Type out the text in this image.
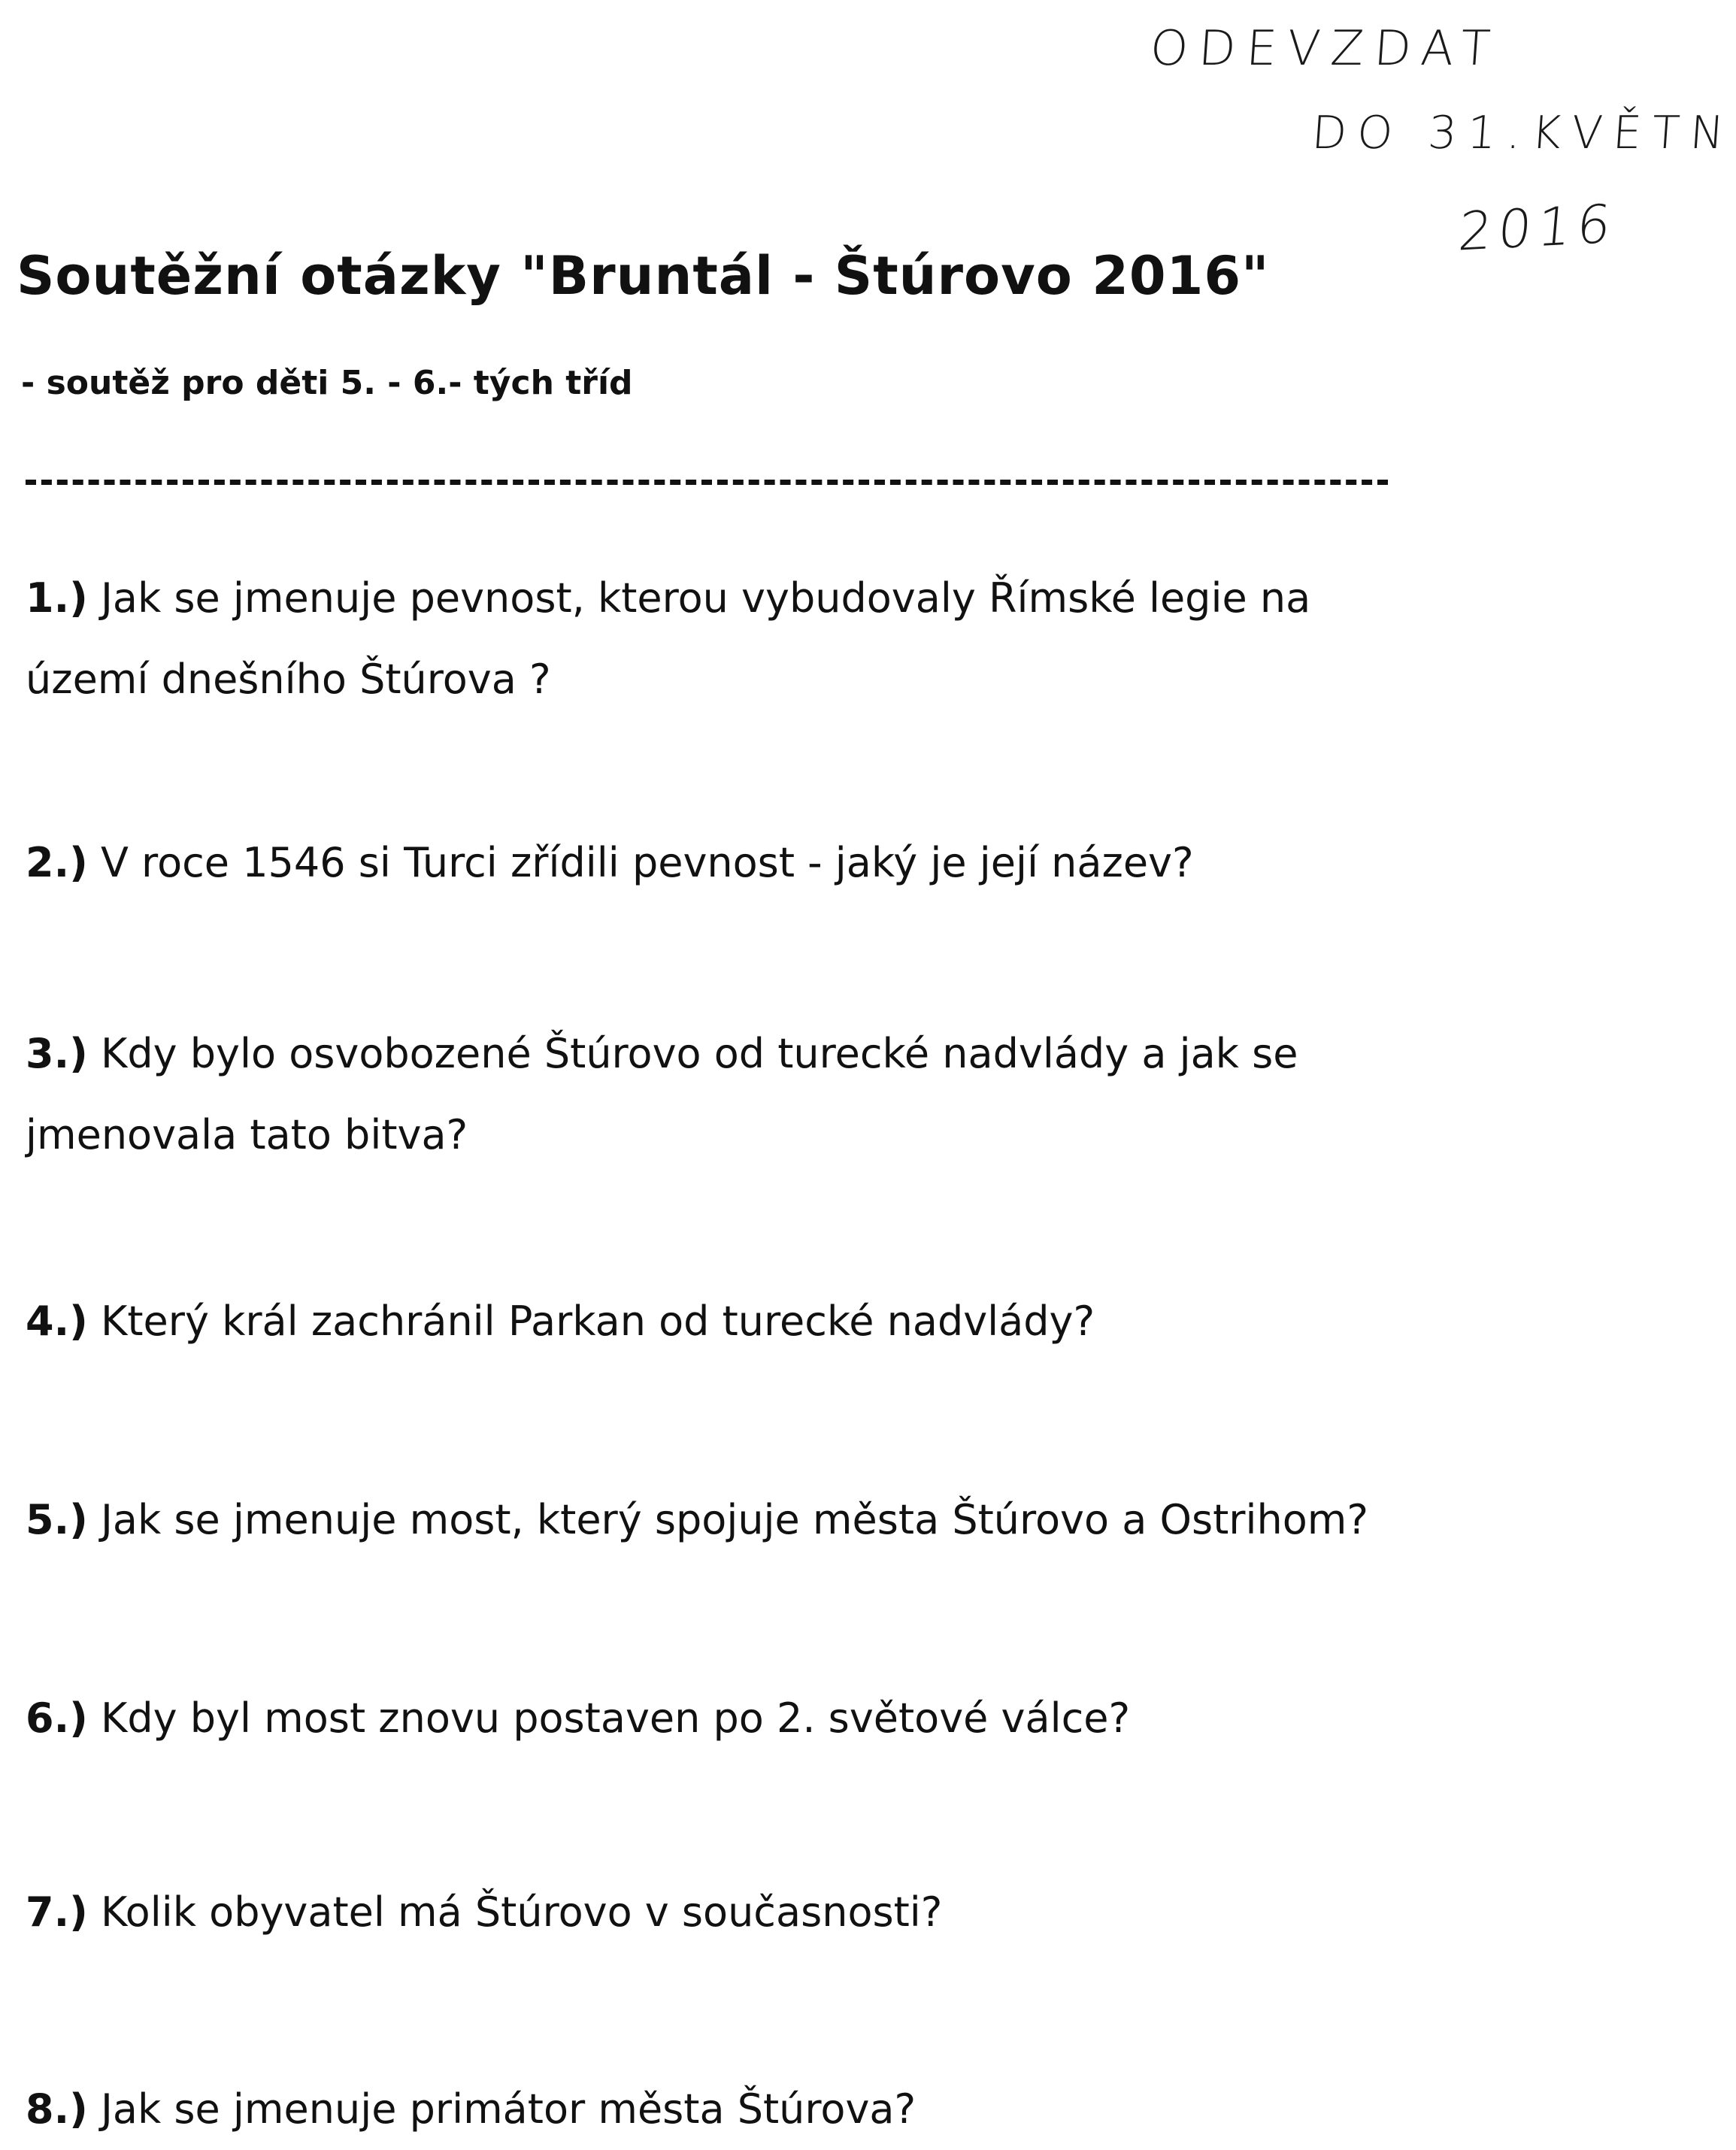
ODEVZDAT
DO 31.KVĚTN
2016
Soutěžní otázky "Bruntál - Štúrovo 2016"
- soutěž pro děti 5. - 6.- tých tříd
1.) Jak se jmenuje pevnost, kterou vybudovaly Římské legie na území dnešního Štúrova ?
2.) V roce 1546 si Turci zřídili pevnost - jaký je její název?
3.) Kdy bylo osvobozené Štúrovo od turecké nadvlády a jak se jmenovala tato bitva?
4.) Který král zachránil Parkan od turecké nadvlády?
5.) Jak se jmenuje most, který spojuje města Štúrovo a Ostrihom?
6.) Kdy byl most znovu postaven po 2. světové válce?
7.) Kolik obyvatel má Štúrovo v současnosti?
8.) Jak se jmenuje primátor města Štúrova?
